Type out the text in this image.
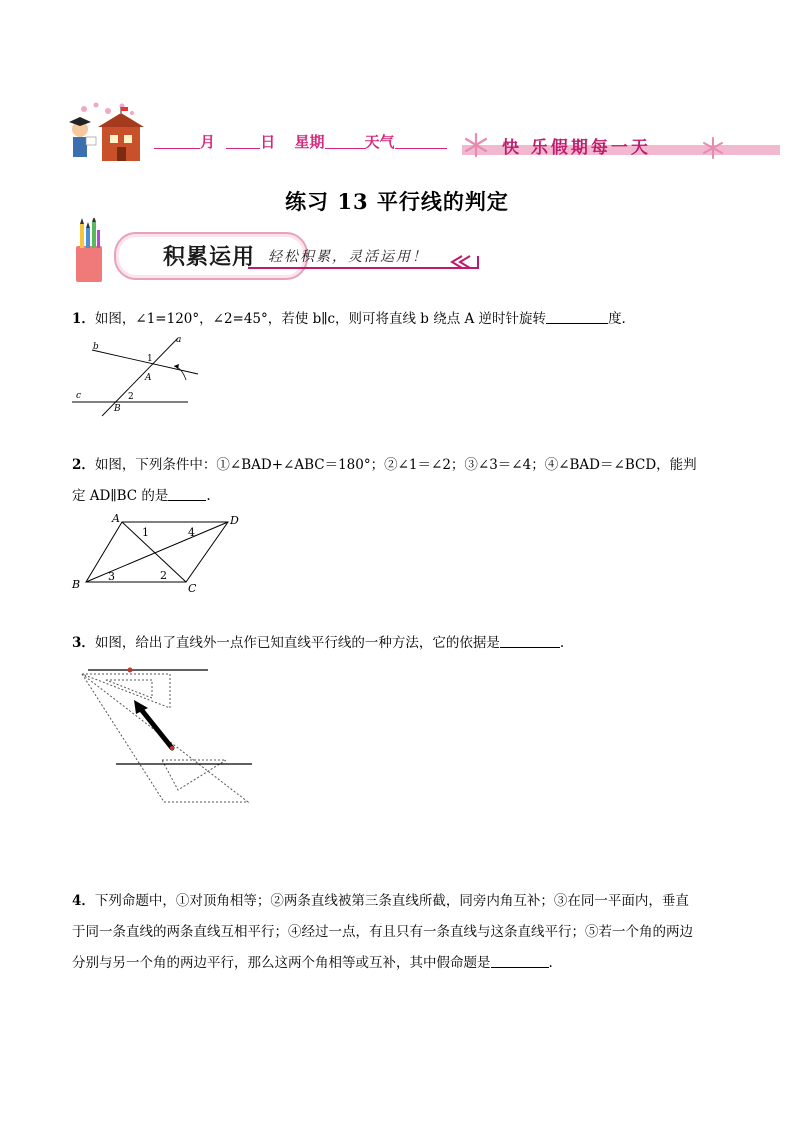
月	日 星期	天气	快 乐假期每一天
练习 13 平行线的判定
积累运用 轻松积累，灵活运用！
1．如图，∠1=120°，∠2=45°，若使 b∥c，则可将直线 b 绕点 A 逆时针旋转	度.
a
b
c
A
B
1
2
2．如图，下列条件中：①∠BAD+∠ABC＝180°；②∠1＝∠2；③∠3＝∠4；④∠BAD＝∠BCD，能判
定 AD∥BC 的是	.
A
B	C
D
1
2
3
4
3．如图，给出了直线外一点作已知直线平行线的一种方法，它的依据是	.
4．下列命题中，①对顶角相等；②两条直线被第三条直线所截，同旁内角互补；③在同一平面内，垂直
于同一条直线的两条直线互相平行；④经过一点，有且只有一条直线与这条直线平行；⑤若一个角的两边
分别与另一个角的两边平行，那么这两个角相等或互补，其中假命题是	.
